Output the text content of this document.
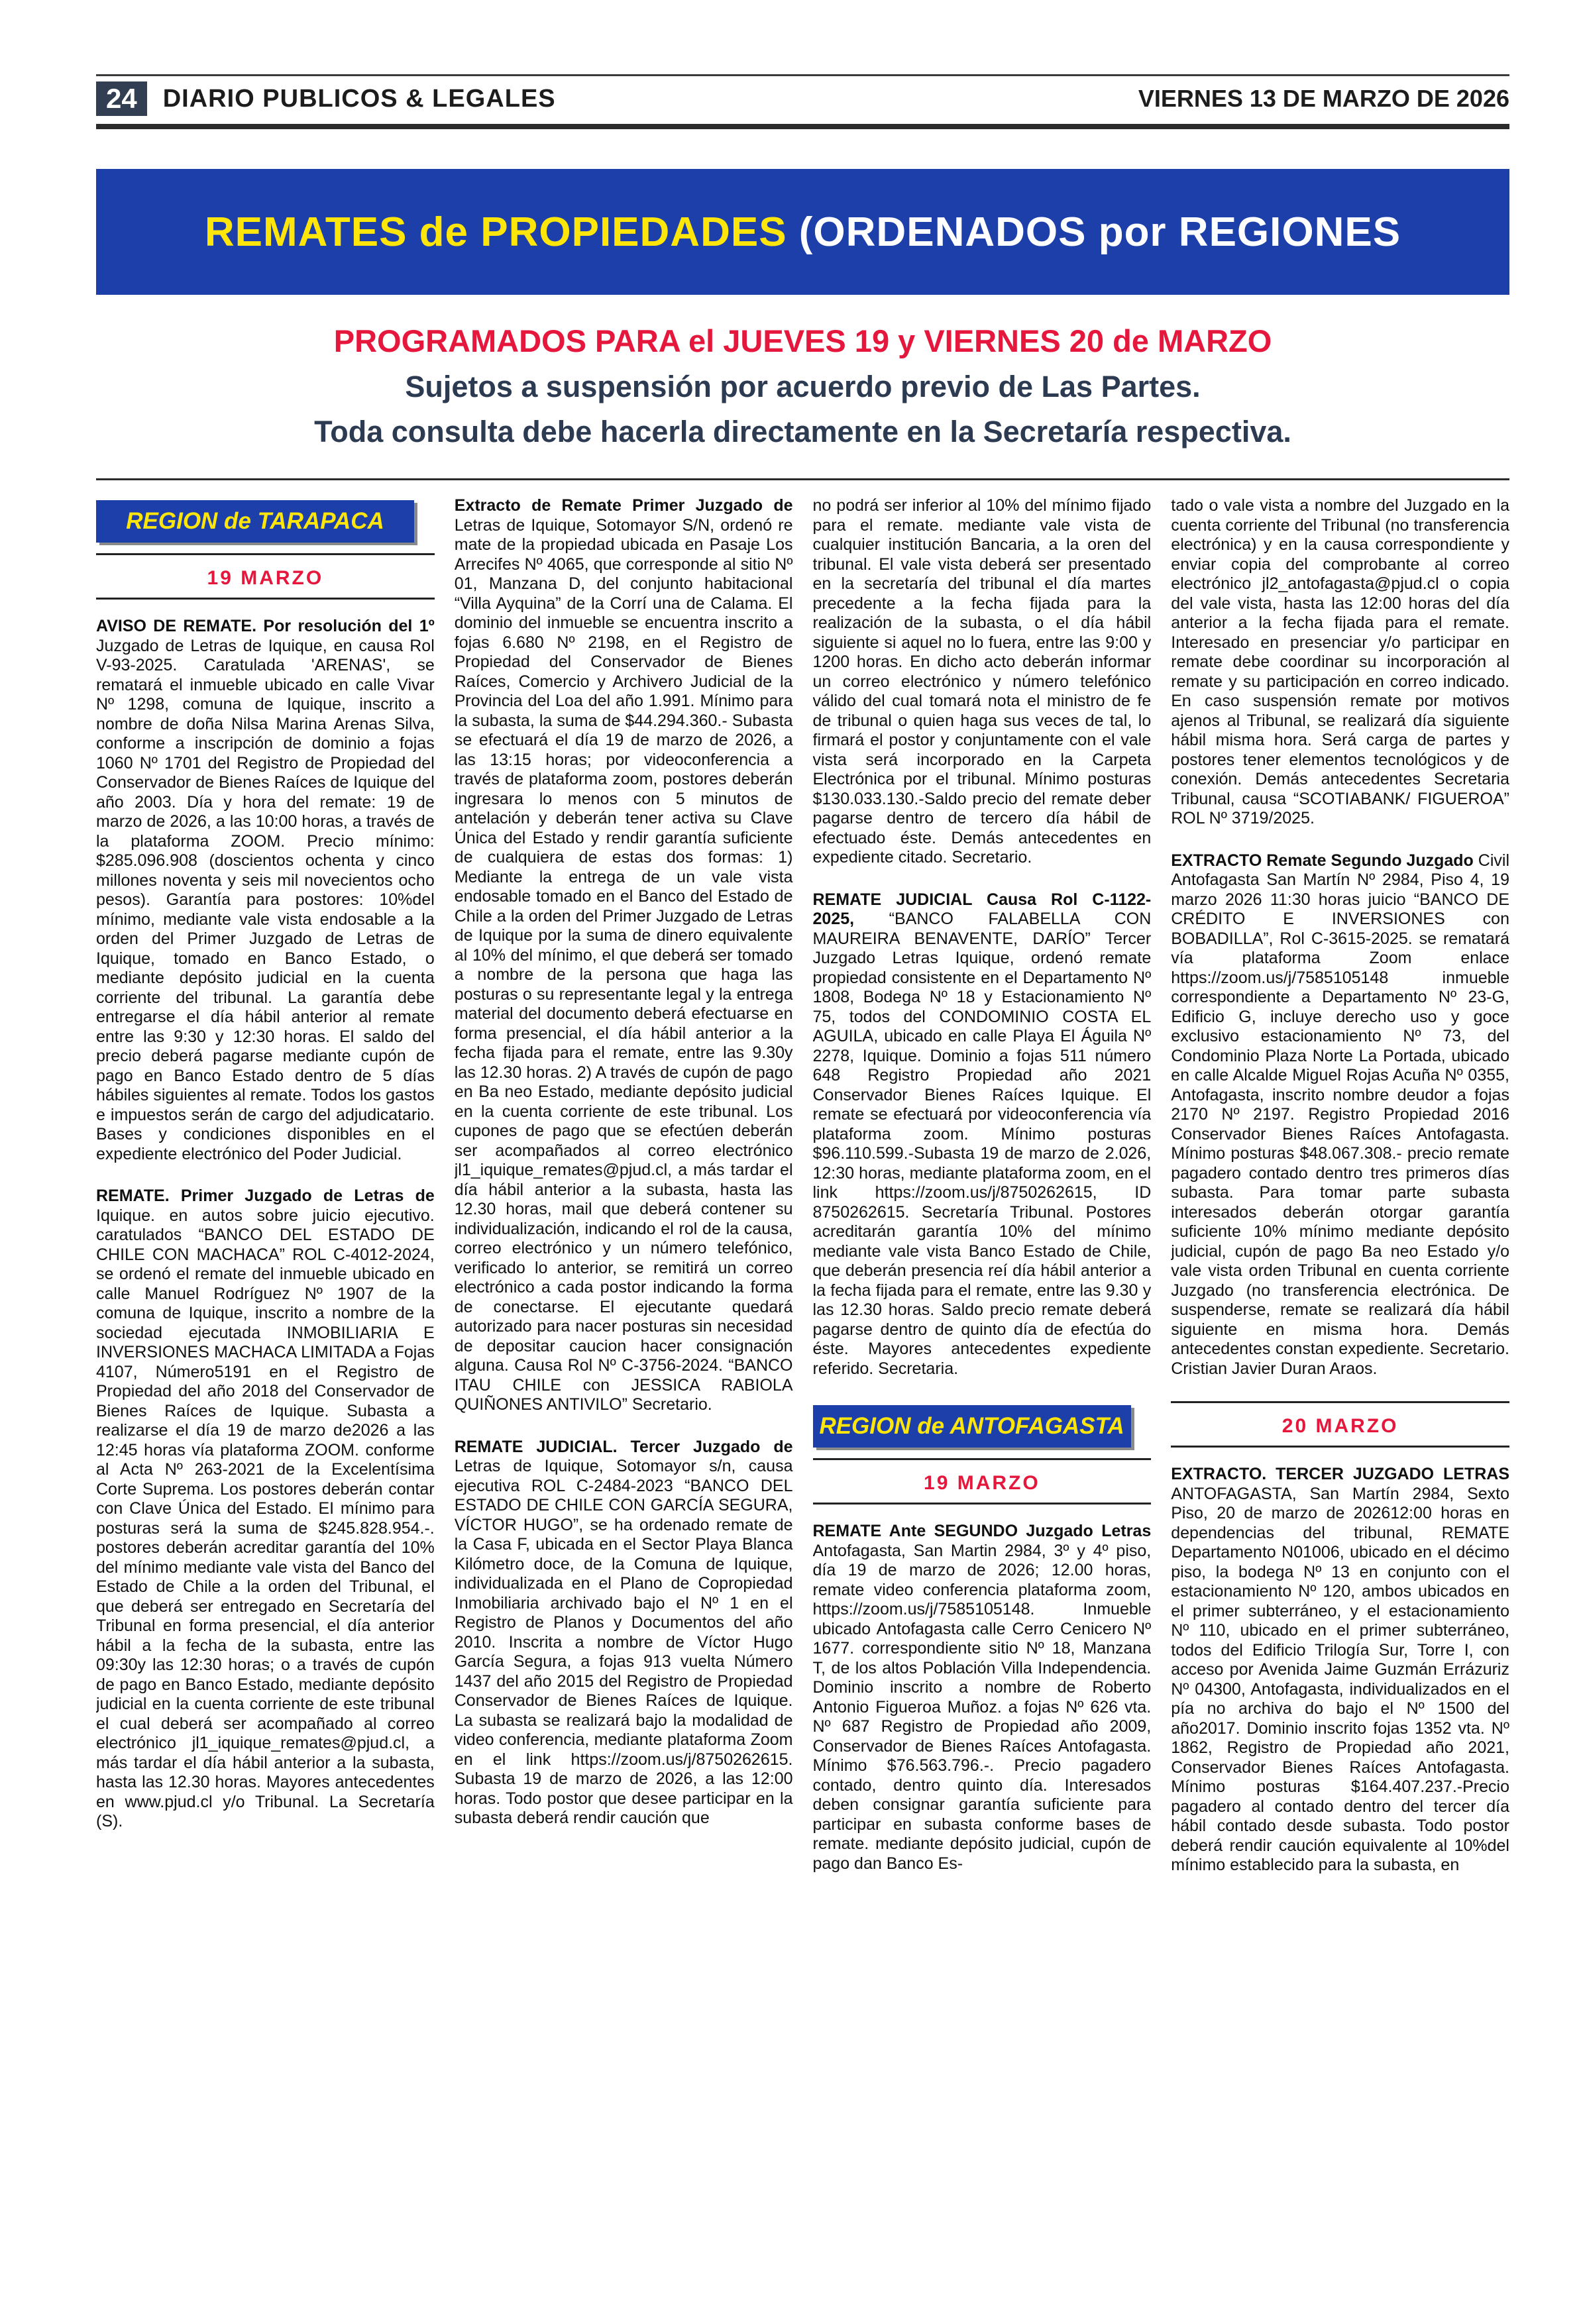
24	DIARIO PUBLICOS & LEGALES	VIERNES 13 DE MARZO DE 2026
REMATES de PROPIEDADES (ORDENADOS por REGIONES
PROGRAMADOS PARA el JUEVES 19 y VIERNES 20 de MARZO
Sujetos a suspensión por acuerdo previo de Las Partes.
Toda consulta debe hacerla directamente en la Secretaría respectiva.
REGION de TARAPACA
19 MARZO

AVISO DE REMATE. Por resolución del 1º Juzgado de Letras de Iquique, en causa Rol V-93-2025. Caratulada 'ARENAS', se rematará el inmueble ubicado en calle Vivar Nº 1298, comuna de Iquique, inscrito a nombre de doña Nilsa Marina Arenas Silva, conforme a inscripción de dominio a fojas 1060 Nº 1701 del Registro de Propiedad del Conservador de Bienes Raíces de Iquique del año 2003. Día y hora del remate: 19 de marzo de 2026, a las 10:00 horas, a través de la plataforma ZOOM. Precio mínimo: $285.096.908 (doscientos ochenta y cinco millones noventa y seis mil novecientos ocho pesos). Garantía para postores: 10%del mínimo, mediante vale vista endosable a la orden del Primer Juzgado de Letras de Iquique, tomado en Banco Estado, o mediante depósito judicial en la cuenta corriente del tribunal. La garantía debe entregarse el día hábil anterior al remate entre las 9:30 y 12:30 horas. El saldo del precio deberá pagarse mediante cupón de pago en Banco Estado dentro de 5 días hábiles siguientes al remate. Todos los gastos e impuestos serán de cargo del adjudicatario. Bases y condiciones disponibles en el expediente electrónico del Poder Judicial.

REMATE. Primer Juzgado de Letras de Iquique. en autos sobre juicio ejecutivo. caratulados “BANCO DEL ESTADO DE CHILE CON MACHACA” ROL C-4012-2024, se ordenó el remate del inmueble ubicado en calle Manuel Rodríguez Nº 1907 de la comuna de Iquique, inscrito a nombre de la sociedad ejecutada INMOBILIARIA E INVERSIONES MACHACA LIMITADA a Fojas 4107, Número5191 en el Registro de Propiedad del año 2018 del Conservador de Bienes Raíces de Iquique. Subasta a realizarse el día 19 de marzo de2026 a las 12:45 horas vía plataforma ZOOM. conforme al Acta Nº 263-2021 de la Excelentísima Corte Suprema. Los postores deberán contar con Clave Única del Estado. EI mínimo para posturas será la suma de $245.828.954.-. postores deberán acreditar garantía del 10% del mínimo mediante vale vista del Banco del Estado de Chile a la orden del Tribunal, el que deberá ser entregado en Secretaría del Tribunal en forma presencial, el día anterior hábil a la fecha de la subasta, entre las 09:30y las 12:30 horas; o a través de cupón de pago en Banco Estado, mediante depósito judicial en la cuenta corriente de este tribunal el cual deberá ser acompañado al correo electrónico jl1_iquique_remates@pjud.cl, a más tardar el día hábil anterior a la subasta, hasta las 12.30 horas. Mayores antecedentes en www.pjud.cl y/o Tribunal. La Secretaría (S).

Extracto de Remate Primer Juzgado de Letras de Iquique, Sotomayor S/N, ordenó re mate de la propiedad ubicada en Pasaje Los Arrecifes Nº 4065, que corresponde al sitio Nº 01, Manzana D, del conjunto habitacional “Villa Ayquina” de la Corrí una de Calama. El dominio del inmueble se encuentra inscrito a fojas 6.680 Nº 2198, en el Registro de Propiedad del Conservador de Bienes Raíces, Comercio y Archivero Judicial de la Provincia del Loa del año 1.991. Mínimo para la subasta, la suma de $44.294.360.- Subasta se efectuará el día 19 de marzo de 2026, a las 13:15 horas; por videoconferencia a través de plataforma zoom, postores deberán ingresara lo menos con 5 minutos de antelación y deberán tener activa su Clave Única del Estado y rendir garantía suficiente de cualquiera de estas dos formas: 1) Mediante la entrega de un vale vista endosable tomado en el Banco del Estado de Chile a la orden del Primer Juzgado de Letras de Iquique por la suma de dinero equivalente al 10% del mínimo, el que deberá ser tomado a nombre de la persona que haga las posturas o su representante legal y la entrega material del documento deberá efectuarse en forma presencial, el día hábil anterior a la fecha fijada para el remate, entre las 9.30y las 12.30 horas. 2) A través de cupón de pago en Ba neo Estado, mediante depósito judicial en la cuenta corriente de este tribunal. Los cupones de pago que se efectúen deberán ser acompañados al correo electrónico jl1_iquique_remates@pjud.cl, a más tardar el día hábil anterior a la subasta, hasta las 12.30 horas, mail que deberá contener su individualización, indicando el rol de la causa, correo electrónico y un número telefónico, verificado lo anterior, se remitirá un correo electrónico a cada postor indicando la forma de conectarse. El ejecutante quedará autorizado para nacer posturas sin necesidad de depositar caucion hacer consignación alguna. Causa Rol Nº C-3756-2024. “BANCO ITAU CHILE con JESSICA RABIOLA QUIÑONES ANTIVILO” Secretario.

REMATE JUDICIAL. Tercer Juzgado de Letras de Iquique, Sotomayor s/n, causa ejecutiva ROL C-2484-2023 “BANCO DEL ESTADO DE CHILE CON GARCÍA SEGURA, VÍCTOR HUGO”, se ha ordenado remate de la Casa F, ubicada en el Sector Playa Blanca Kilómetro doce, de la Comuna de Iquique, individualizada en el Plano de Copropiedad Inmobiliaria archivado bajo el Nº 1 en el Registro de Planos y Documentos del año 2010. Inscrita a nombre de Víctor Hugo García Segura, a fojas 913 vuelta Número 1437 del año 2015 del Registro de Propiedad Conservador de Bienes Raíces de Iquique. La subasta se realizará bajo la modalidad de video conferencia, mediante plataforma Zoom en el link https://zoom.us/j/8750262615. Subasta 19 de marzo de 2026, a las 12:00 horas. Todo postor que desee participar en la subasta deberá rendir caución que

no podrá ser inferior al 10% del mínimo fijado para el remate. mediante vale vista de cualquier institución Bancaria, a la oren del tribunal. El vale vista deberá ser presentado en la secretaría del tribunal el día martes precedente a la fecha fijada para la realización de la subasta, o el día hábil siguiente si aquel no lo fuera, entre las 9:00 y 1200 horas. En dicho acto deberán informar un correo electrónico y número telefónico válido del cual tomará nota el ministro de fe de tribunal o quien haga sus veces de tal, lo firmará el postor y conjuntamente con el vale vista será incorporado en la Carpeta Electrónica por el tribunal. Mínimo posturas $130.033.130.-Saldo precio del remate deber pagarse dentro de tercero día hábil de efectuado éste. Demás antecedentes en expediente citado. Secretario.

REMATE JUDICIAL Causa Rol C-1122-2025, “BANCO FALABELLA CON MAUREIRA BENAVENTE, DARÍO” Tercer Juzgado Letras Iquique, ordenó remate propiedad consistente en el Departamento Nº 1808, Bodega Nº 18 y Estacionamiento Nº 75, todos del CONDOMINIO COSTA EL AGUILA, ubicado en calle Playa El Águila Nº 2278, Iquique. Dominio a fojas 511 número 648 Registro Propiedad año 2021 Conservador Bienes Raíces Iquique. El remate se efectuará por videoconferencia vía plataforma zoom. Mínimo posturas $96.110.599.-Subasta 19 de marzo de 2.026, 12:30 horas, mediante plataforma zoom, en el link https://zoom.us/j/8750262615, ID 8750262615. Secretaría Tribunal. Postores acreditarán garantía 10% del mínimo mediante vale vista Banco Estado de Chile, que deberán presencia reí día hábil anterior a la fecha fijada para el remate, entre las 9.30 y las 12.30 horas. Saldo precio remate deberá pagarse dentro de quinto día de efectúa do éste. Mayores antecedentes expediente referido. Secretaria.

REGION de ANTOFAGASTA
19 MARZO

REMATE Ante SEGUNDO Juzgado Letras Antofagasta, San Martin 2984, 3º y 4º piso, día 19 de marzo de 2026; 12.00 horas, remate video conferencia plataforma zoom, https://zoom.us/j/7585105148. Inmueble ubicado Antofagasta calle Cerro Cenicero Nº 1677. correspondiente sitio Nº 18, Manzana T, de los altos Población Villa Independencia. Dominio inscrito a nombre de Roberto Antonio Figueroa Muñoz. a fojas Nº 626 vta. Nº 687 Registro de Propiedad año 2009, Conservador de Bienes Raíces Antofagasta. Mínimo $76.563.796.-. Precio pagadero contado, dentro quinto día. Interesados deben consignar garantía suficiente para participar en subasta conforme bases de remate. mediante depósito judicial, cupón de pago dan Banco Es-

tado o vale vista a nombre del Juzgado en la cuenta corriente del Tribunal (no transferencia electrónica) y en la causa correspondiente y enviar copia del comprobante al correo electrónico jl2_antofagasta@pjud.cl o copia del vale vista, hasta las 12:00 horas del día anterior a la fecha fijada para el remate. Interesado en presenciar y/o participar en remate debe coordinar su incorporación al remate y su participación en correo indicado. En caso suspensión remate por motivos ajenos al Tribunal, se realizará día siguiente hábil misma hora. Será carga de partes y postores tener elementos tecnológicos y de conexión. Demás antecedentes Secretaria Tribunal, causa “SCOTIABANK/ FIGUEROA” ROL Nº 3719/2025.

EXTRACTO Remate Segundo Juzgado Civil Antofagasta San Martín Nº 2984, Piso 4, 19 marzo 2026 11:30 horas juicio “BANCO DE CRÉDITO E INVERSIONES con BOBADILLA”, Rol C-3615-2025. se rematará vía plataforma Zoom enlace https://zoom.us/j/7585105148 inmueble correspondiente a Departamento Nº 23-G, Edificio G, incluye derecho uso y goce exclusivo estacionamiento Nº 73, del Condominio Plaza Norte La Portada, ubicado en calle Alcalde Miguel Rojas Acuña Nº 0355, Antofagasta, inscrito nombre deudor a fojas 2170 Nº 2197. Registro Propiedad 2016 Conservador Bienes Raíces Antofagasta. Mínimo posturas $48.067.308.- precio remate pagadero contado dentro tres primeros días subasta. Para tomar parte subasta interesados deberán otorgar garantía suficiente 10% mínimo mediante depósito judicial, cupón de pago Ba neo Estado y/o vale vista orden Tribunal en cuenta corriente Juzgado (no transferencia electrónica. De suspenderse, remate se realizará día hábil siguiente en misma hora. Demás antecedentes constan expediente. Secretario. Cristian Javier Duran Araos.

20 MARZO

EXTRACTO. TERCER JUZGADO LETRAS ANTOFAGASTA, San Martín 2984, Sexto Piso, 20 de marzo de 202612:00 horas en dependencias del tribunal, REMATE Departamento N01006, ubicado en el décimo piso, la bodega Nº 13 en conjunto con el estacionamiento Nº 120, ambos ubicados en el primer subterráneo, y el estacionamiento Nº 110, ubicado en el primer subterráneo, todos del Edificio Trilogía Sur, Torre I, con acceso por Avenida Jaime Guzmán Errázuriz Nº 04300, Antofagasta, individualizados en el pía no archiva do bajo el Nº 1500 del año2017. Dominio inscrito fojas 1352 vta. Nº 1862, Registro de Propiedad año 2021, Conservador Bienes Raíces Antofagasta. Mínimo posturas $164.407.237.-Precio pagadero al contado dentro del tercer día hábil contado desde subasta. Todo postor deberá rendir caución equivalente al 10%del mínimo establecido para la subasta, en
